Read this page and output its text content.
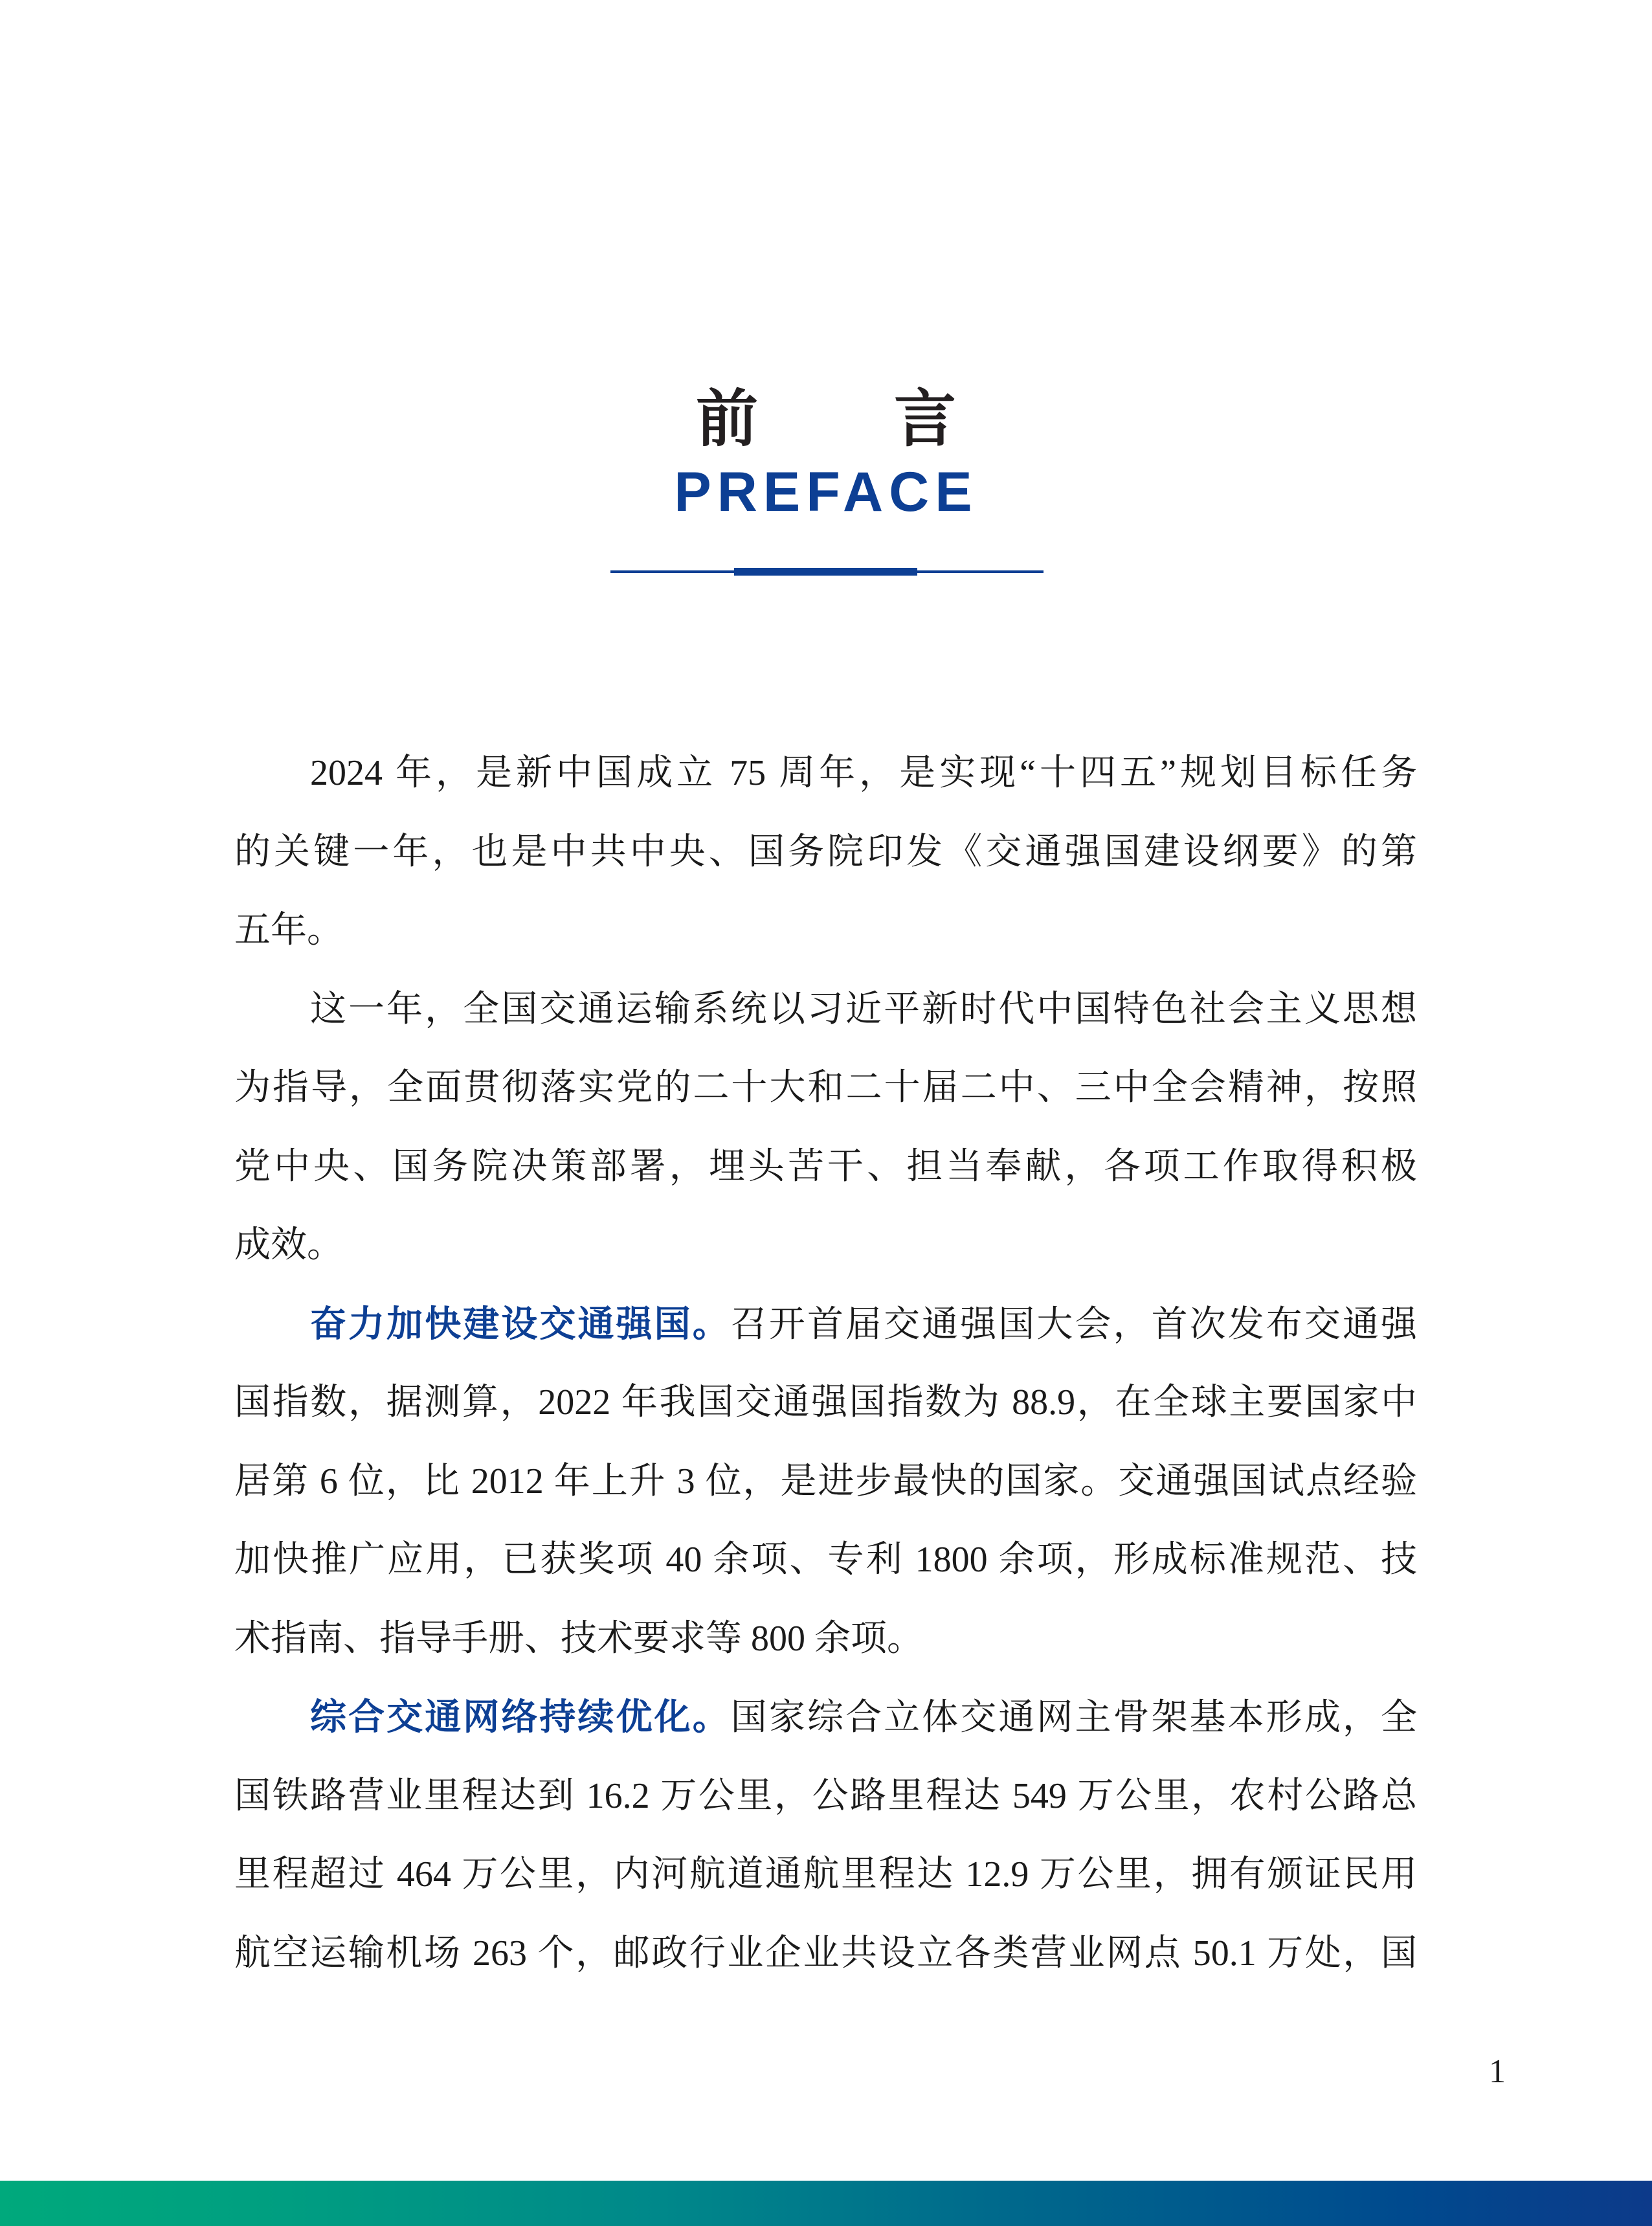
前 言
PREFACE
2024 年，是新中国成立 75 周年，是实现“十四五”规划目标任务
的关键一年，也是中共中央、国务院印发《交通强国建设纲要》的第
五年。
这一年，全国交通运输系统以习近平新时代中国特色社会主义思想
为指导，全面贯彻落实党的二十大和二十届二中、三中全会精神，按照
党中央、国务院决策部署，埋头苦干、担当奉献，各项工作取得积极
成效。
奋力加快建设交通强国。召开首届交通强国大会，首次发布交通强
国指数，据测算，2022 年我国交通强国指数为 88.9，在全球主要国家中
居第 6 位，比 2012 年上升 3 位，是进步最快的国家。交通强国试点经验
加快推广应用，已获奖项 40 余项、专利 1800 余项，形成标准规范、技
术指南、指导手册、技术要求等 800 余项。
综合交通网络持续优化。国家综合立体交通网主骨架基本形成，全
国铁路营业里程达到 16.2 万公里，公路里程达 549 万公里，农村公路总
里程超过 464 万公里，内河航道通航里程达 12.9 万公里，拥有颁证民用
航空运输机场 263 个，邮政行业企业共设立各类营业网点 50.1 万处，国
1
